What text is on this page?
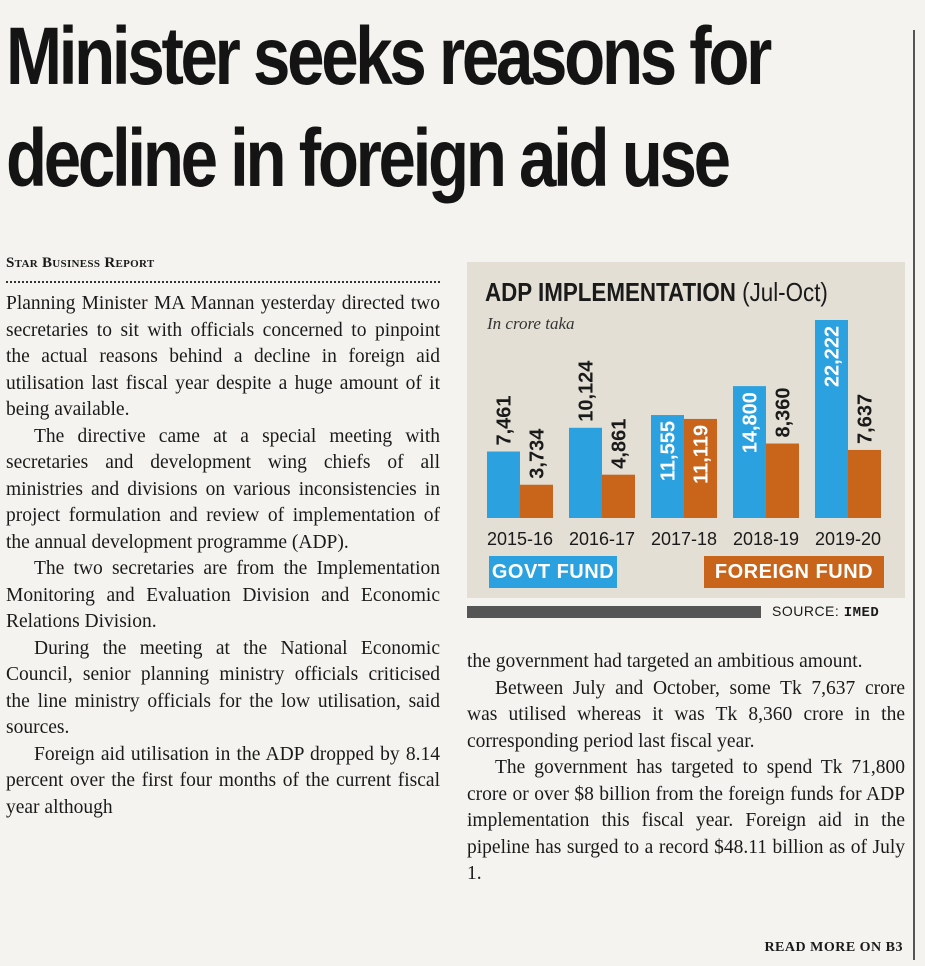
Minister seeks reasons for
decline in foreign aid use
Star Business Report

Planning Minister MA Mannan yesterday directed two secretaries to sit with officials concerned to pinpoint the actual reasons behind a decline in foreign aid utilisation last fiscal year despite a huge amount of it being available.

The directive came at a special meeting with secretaries and development wing chiefs of all ministries and divisions on various inconsistencies in project formulation and review of implementation of the annual development programme (ADP).

The two secretaries are from the Implementation Monitoring and Evaluation Division and Economic Relations Division.

During the meeting at the National Economic Council, senior planning ministry officials criticised the line ministry officials for the low utilisation, said sources.

Foreign aid utilisation in the ADP dropped by 8.14 percent over the first four months of the current fiscal year although

7,461
3,734
2015-16
10,124
4,861
2016-17
11,555 11,119
2017-18
14,800 8,360
2018-19
22,222
7,637
2019-20
ADP IMPLEMENTATION (Jul-Oct)
In crore taka
GOVT FUND	FOREIGN FUND
SOURCE: IMED

the government had targeted an ambitious amount.

Between July and October, some Tk 7,637 crore was utilised whereas it was Tk 8,360 crore in the corresponding period last fiscal year.

The government has targeted to spend Tk 71,800 crore or over $8 billion from the foreign funds for ADP implementation this fiscal year. Foreign aid in the pipeline has surged to a record $48.11 billion as of July 1.

READ MORE ON B3
